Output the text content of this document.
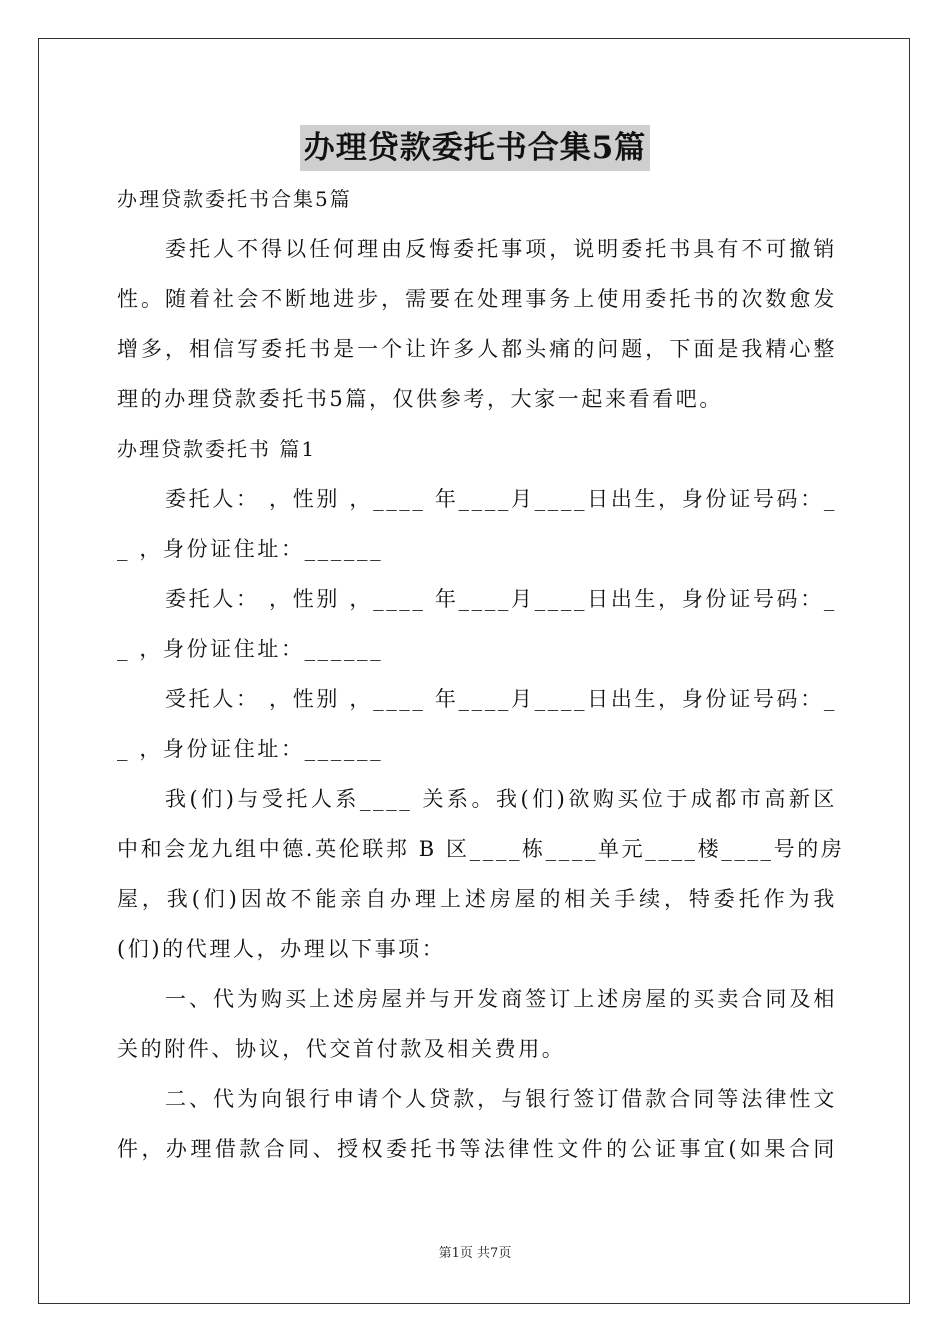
办理贷款委托书合集5篇
办理贷款委托书合集5篇
委托人不得以任何理由反悔委托事项，说明委托书具有不可撤销
性。随着社会不断地进步，需要在处理事务上使用委托书的次数愈发
增多，相信写委托书是一个让许多人都头痛的问题，下面是我精心整
理的办理贷款委托书5篇，仅供参考，大家一起来看看吧。
办理贷款委托书 篇1
委托人： ，性别 ，____ 年____月____日出生，身份证号码：_
_ ，身份证住址：______
委托人： ，性别 ，____ 年____月____日出生，身份证号码：_
_ ，身份证住址：______
受托人： ，性别 ，____ 年____月____日出生，身份证号码：_
_ ，身份证住址：______
我(们)与受托人系____ 关系。我(们)欲购买位于成都市高新区
中和会龙九组中德.英伦联邦 B 区____栋____单元____楼____号的房
屋，我(们)因故不能亲自办理上述房屋的相关手续，特委托作为我
(们)的代理人，办理以下事项：
一、代为购买上述房屋并与开发商签订上述房屋的买卖合同及相
关的附件、协议，代交首付款及相关费用。
二、代为向银行申请个人贷款，与银行签订借款合同等法律性文
件，办理借款合同、授权委托书等法律性文件的公证事宜(如果合同
第1页 共7页
